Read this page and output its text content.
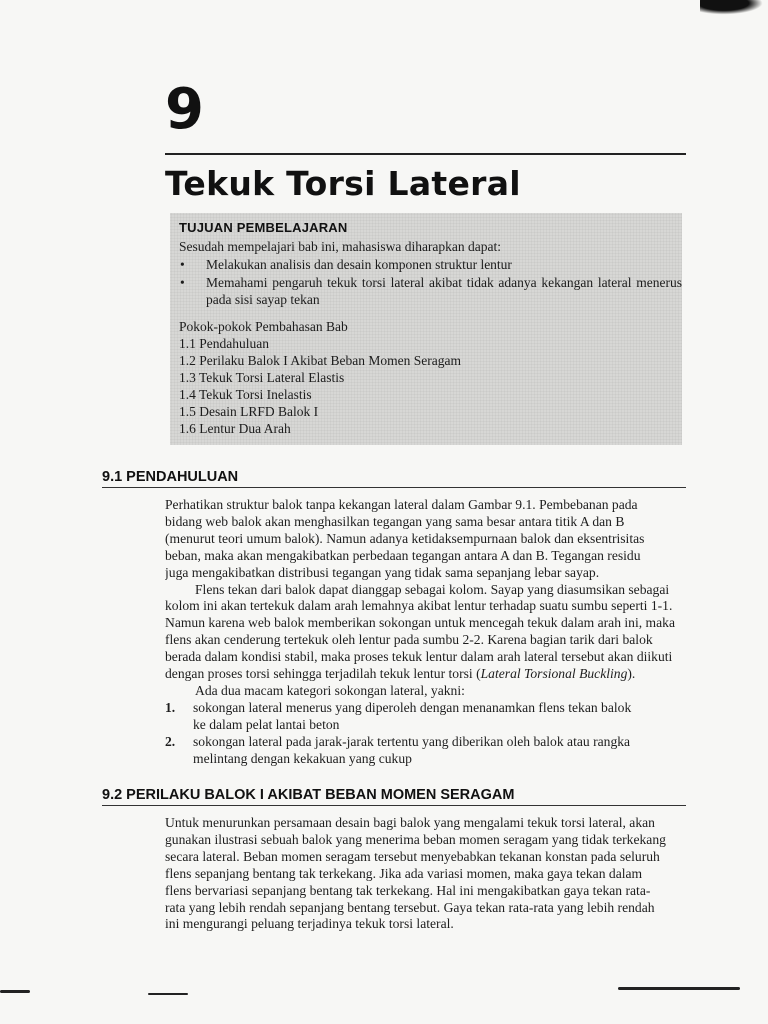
9
Tekuk Torsi Lateral
TUJUAN PEMBELAJARAN
Sesudah mempelajari bab ini, mahasiswa diharapkan dapat:
• Melakukan analisis dan desain komponen struktur lentur
• Memahami pengaruh tekuk torsi lateral akibat tidak adanya kekangan lateral menerus pada sisi sayap tekan
Pokok-pokok Pembahasan Bab
1.1 Pendahuluan
1.2 Perilaku Balok I Akibat Beban Momen Seragam
1.3 Tekuk Torsi Lateral Elastis
1.4 Tekuk Torsi Inelastis
1.5 Desain LRFD Balok I
1.6 Lentur Dua Arah
9.1 PENDAHULUAN
Perhatikan struktur balok tanpa kekangan lateral dalam Gambar 9.1. Pembebanan pada
bidang web balok akan menghasilkan tegangan yang sama besar antara titik A dan B
(menurut teori umum balok). Namun adanya ketidaksempurnaan balok dan eksentrisitas
beban, maka akan mengakibatkan perbedaan tegangan antara A dan B. Tegangan residu
juga mengakibatkan distribusi tegangan yang tidak sama sepanjang lebar sayap.
Flens tekan dari balok dapat dianggap sebagai kolom. Sayap yang diasumsikan sebagai
kolom ini akan tertekuk dalam arah lemahnya akibat lentur terhadap suatu sumbu seperti 1-1.
Namun karena web balok memberikan sokongan untuk mencegah tekuk dalam arah ini, maka
flens akan cenderung tertekuk oleh lentur pada sumbu 2-2. Karena bagian tarik dari balok
berada dalam kondisi stabil, maka proses tekuk lentur dalam arah lateral tersebut akan diikuti
dengan proses torsi sehingga terjadilah tekuk lentur torsi (Lateral Torsional Buckling).
Ada dua macam kategori sokongan lateral, yakni:
1. sokongan lateral menerus yang diperoleh dengan menanamkan flens tekan balok
ke dalam pelat lantai beton
2. sokongan lateral pada jarak-jarak tertentu yang diberikan oleh balok atau rangka
melintang dengan kekakuan yang cukup
9.2 PERILAKU BALOK I AKIBAT BEBAN MOMEN SERAGAM
Untuk menurunkan persamaan desain bagi balok yang mengalami tekuk torsi lateral, akan
gunakan ilustrasi sebuah balok yang menerima beban momen seragam yang tidak terkekang
secara lateral. Beban momen seragam tersebut menyebabkan tekanan konstan pada seluruh
flens sepanjang bentang tak terkekang. Jika ada variasi momen, maka gaya tekan dalam
flens bervariasi sepanjang bentang tak terkekang. Hal ini mengakibatkan gaya tekan rata-
rata yang lebih rendah sepanjang bentang tersebut. Gaya tekan rata-rata yang lebih rendah
ini mengurangi peluang terjadinya tekuk torsi lateral.
